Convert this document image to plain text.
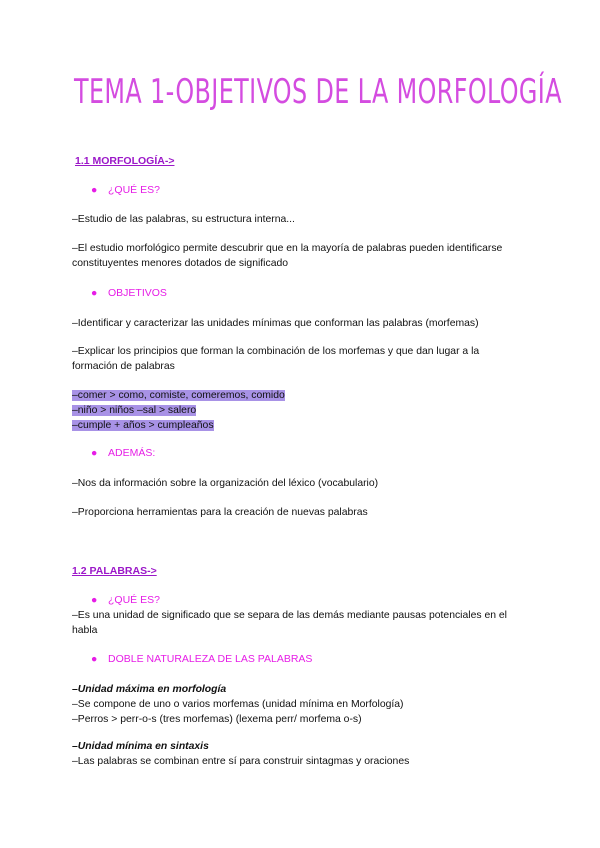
TEMA 1-OBJETIVOS DE LA MORFOLOGÍA
1.1 MORFOLOGÍA->
● ¿QUÉ ES?

–Estudio de las palabras, su estructura interna...

–El estudio morfológico permite descubrir que en la mayoría de palabras pueden identificarse constituyentes menores dotados de significado

● OBJETIVOS

–Identificar y caracterizar las unidades mínimas que conforman las palabras (morfemas)

–Explicar los principios que forman la combinación de los morfemas y que dan lugar a la formación de palabras

–comer > como, comiste, comeremos, comido
–niño > niños –sal > salero
–cumple + años > cumpleaños
● ADEMÁS:

–Nos da información sobre la organización del léxico (vocabulario)

–Proporciona herramientas para la creación de nuevas palabras

1.2 PALABRAS->
● ¿QUÉ ES?

–Es una unidad de significado que se separa de las demás mediante pausas potenciales en el habla

● DOBLE NATURALEZA DE LAS PALABRAS
–Unidad máxima en morfología
–Se compone de uno o varios morfemas (unidad mínima en Morfología)
–Perros > perr-o-s (tres morfemas) (lexema perr/ morfema o-s)
–Unidad mínima en sintaxis
–Las palabras se combinan entre sí para construir sintagmas y oraciones
